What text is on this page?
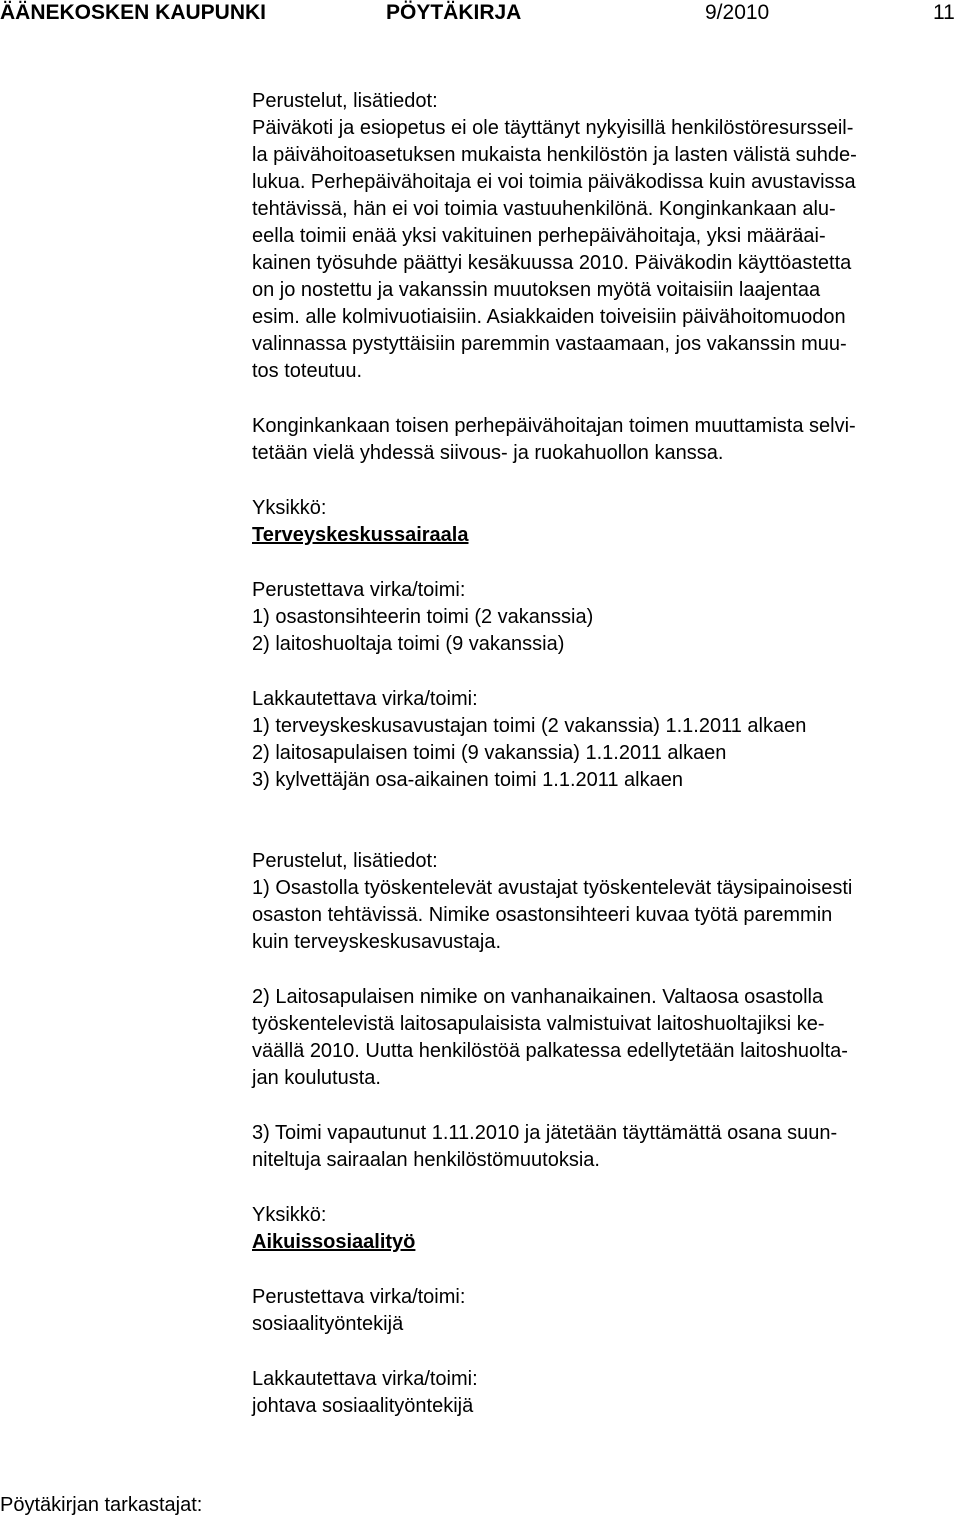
ÄÄNEKOSKEN KAUPUNKI	PÖYTÄKIRJA	9/2010	11
Perustelut, lisätiedot:
Päiväkoti ja esiopetus ei ole täyttänyt nykyisillä henkilöstöresursseil-
la päivähoitoasetuksen mukaista henkilöstön ja lasten välistä suhde-
lukua. Perhepäivähoitaja ei voi toimia päiväkodissa kuin avustavissa
tehtävissä, hän ei voi toimia vastuuhenkilönä. Konginkankaan alu-
eella toimii enää yksi vakituinen perhepäivähoitaja, yksi määräai-
kainen työsuhde päättyi kesäkuussa 2010. Päiväkodin käyttöastetta
on jo nostettu ja vakanssin muutoksen myötä voitaisiin laajentaa
esim. alle kolmivuotiaisiin. Asiakkaiden toiveisiin päivähoitomuodon
valinnassa pystyttäisiin paremmin vastaamaan, jos vakanssin muu-
tos toteutuu.
Konginkankaan toisen perhepäivähoitajan toimen muuttamista selvi-
tetään vielä yhdessä siivous- ja ruokahuollon kanssa.
Yksikkö:
Terveyskeskussairaala
Perustettava virka/toimi:
1) osastonsihteerin toimi (2 vakanssia)
2) laitoshuoltaja toimi (9 vakanssia)
Lakkautettava virka/toimi:
1) terveyskeskusavustajan toimi (2 vakanssia) 1.1.2011 alkaen
2) laitosapulaisen toimi (9 vakanssia) 1.1.2011 alkaen
3) kylvettäjän osa-aikainen toimi 1.1.2011 alkaen
Perustelut, lisätiedot:
1) Osastolla työskentelevät avustajat työskentelevät täysipainoisesti
osaston tehtävissä. Nimike osastonsihteeri kuvaa työtä paremmin
kuin terveyskeskusavustaja.
2) Laitosapulaisen nimike on vanhanaikainen. Valtaosa osastolla
työskentelevistä laitosapulaisista valmistuivat laitoshuoltajiksi ke-
väällä 2010. Uutta henkilöstöä palkatessa edellytetään laitoshuolta-
jan koulutusta.
3) Toimi vapautunut 1.11.2010 ja jätetään täyttämättä osana suun-
niteltuja sairaalan henkilöstömuutoksia.
Yksikkö:
Aikuissosiaalityö
Perustettava virka/toimi:
sosiaalityöntekijä
Lakkautettava virka/toimi:
johtava sosiaalityöntekijä
Pöytäkirjan tarkastajat:
